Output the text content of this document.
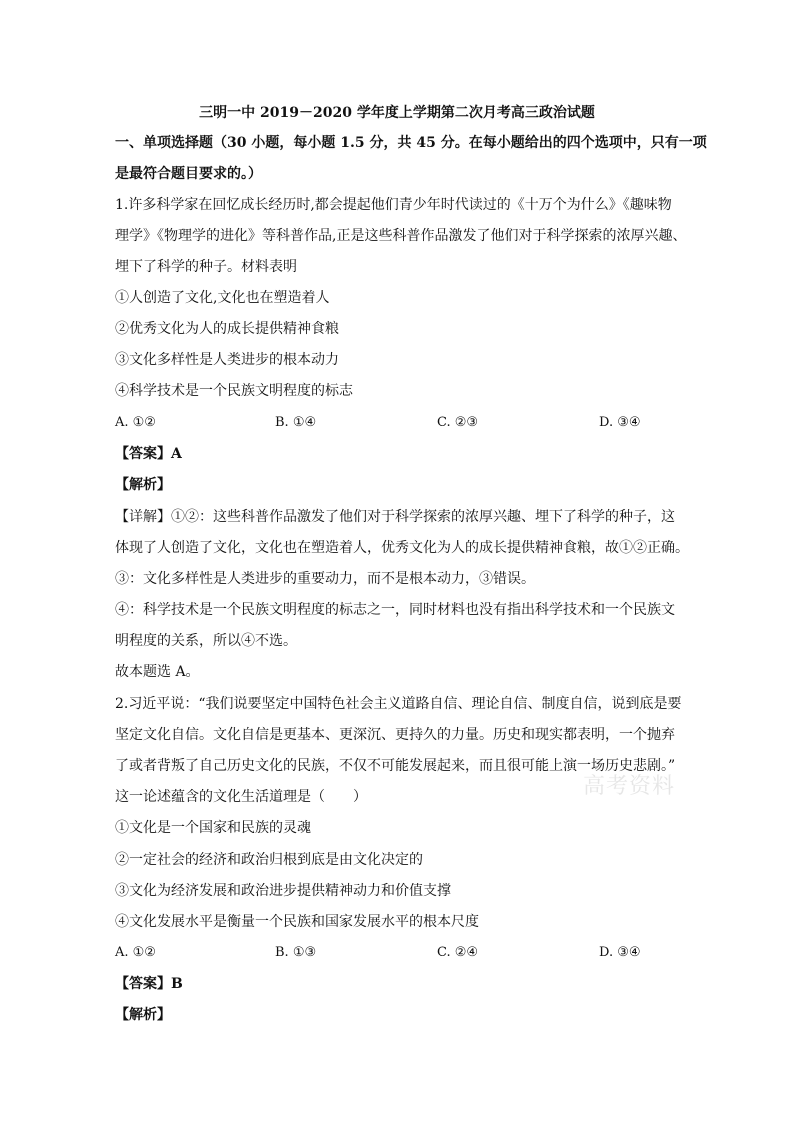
三明一中 2019－2020 学年度上学期第二次月考高三政治试题
一、单项选择题（30 小题，每小题 1.5 分，共 45 分。在每小题给出的四个选项中，只有一项
是最符合题目要求的。）
1.许多科学家在回忆成长经历时,都会提起他们青少年时代读过的《十万个为什么》《趣味物
理学》《物理学的进化》等科普作品,正是这些科普作品激发了他们对于科学探索的浓厚兴趣、
埋下了科学的种子。材料表明
①人创造了文化,文化也在塑造着人
②优秀文化为人的成长提供精神食粮
③文化多样性是人类进步的根本动力
④科学技术是一个民族文明程度的标志
A. ①②	B. ①④	C. ②③	D. ③④
【答案】A
【解析】
【详解】①②：这些科普作品激发了他们对于科学探索的浓厚兴趣、埋下了科学的种子，这
体现了人创造了文化，文化也在塑造着人，优秀文化为人的成长提供精神食粮，故①②正确。
③：文化多样性是人类进步的重要动力，而不是根本动力，③错误。
④：科学技术是一个民族文明程度的标志之一，同时材料也没有指出科学技术和一个民族文
明程度的关系，所以④不选。
故本题选 A。
2.习近平说：“我们说要坚定中国特色社会主义道路自信、理论自信、制度自信，说到底是要
坚定文化自信。文化自信是更基本、更深沉、更持久的力量。历史和现实都表明，一个抛弃
了或者背叛了自己历史文化的民族，不仅不可能发展起来，而且很可能上演一场历史悲剧。”
高考资料
这一论述蕴含的文化生活道理是（　　）
①文化是一个国家和民族的灵魂
②一定社会的经济和政治归根到底是由文化决定的
③文化为经济发展和政治进步提供精神动力和价值支撑
④文化发展水平是衡量一个民族和国家发展水平的根本尺度
A. ①②	B. ①③	C. ②④	D. ③④
【答案】B
【解析】
